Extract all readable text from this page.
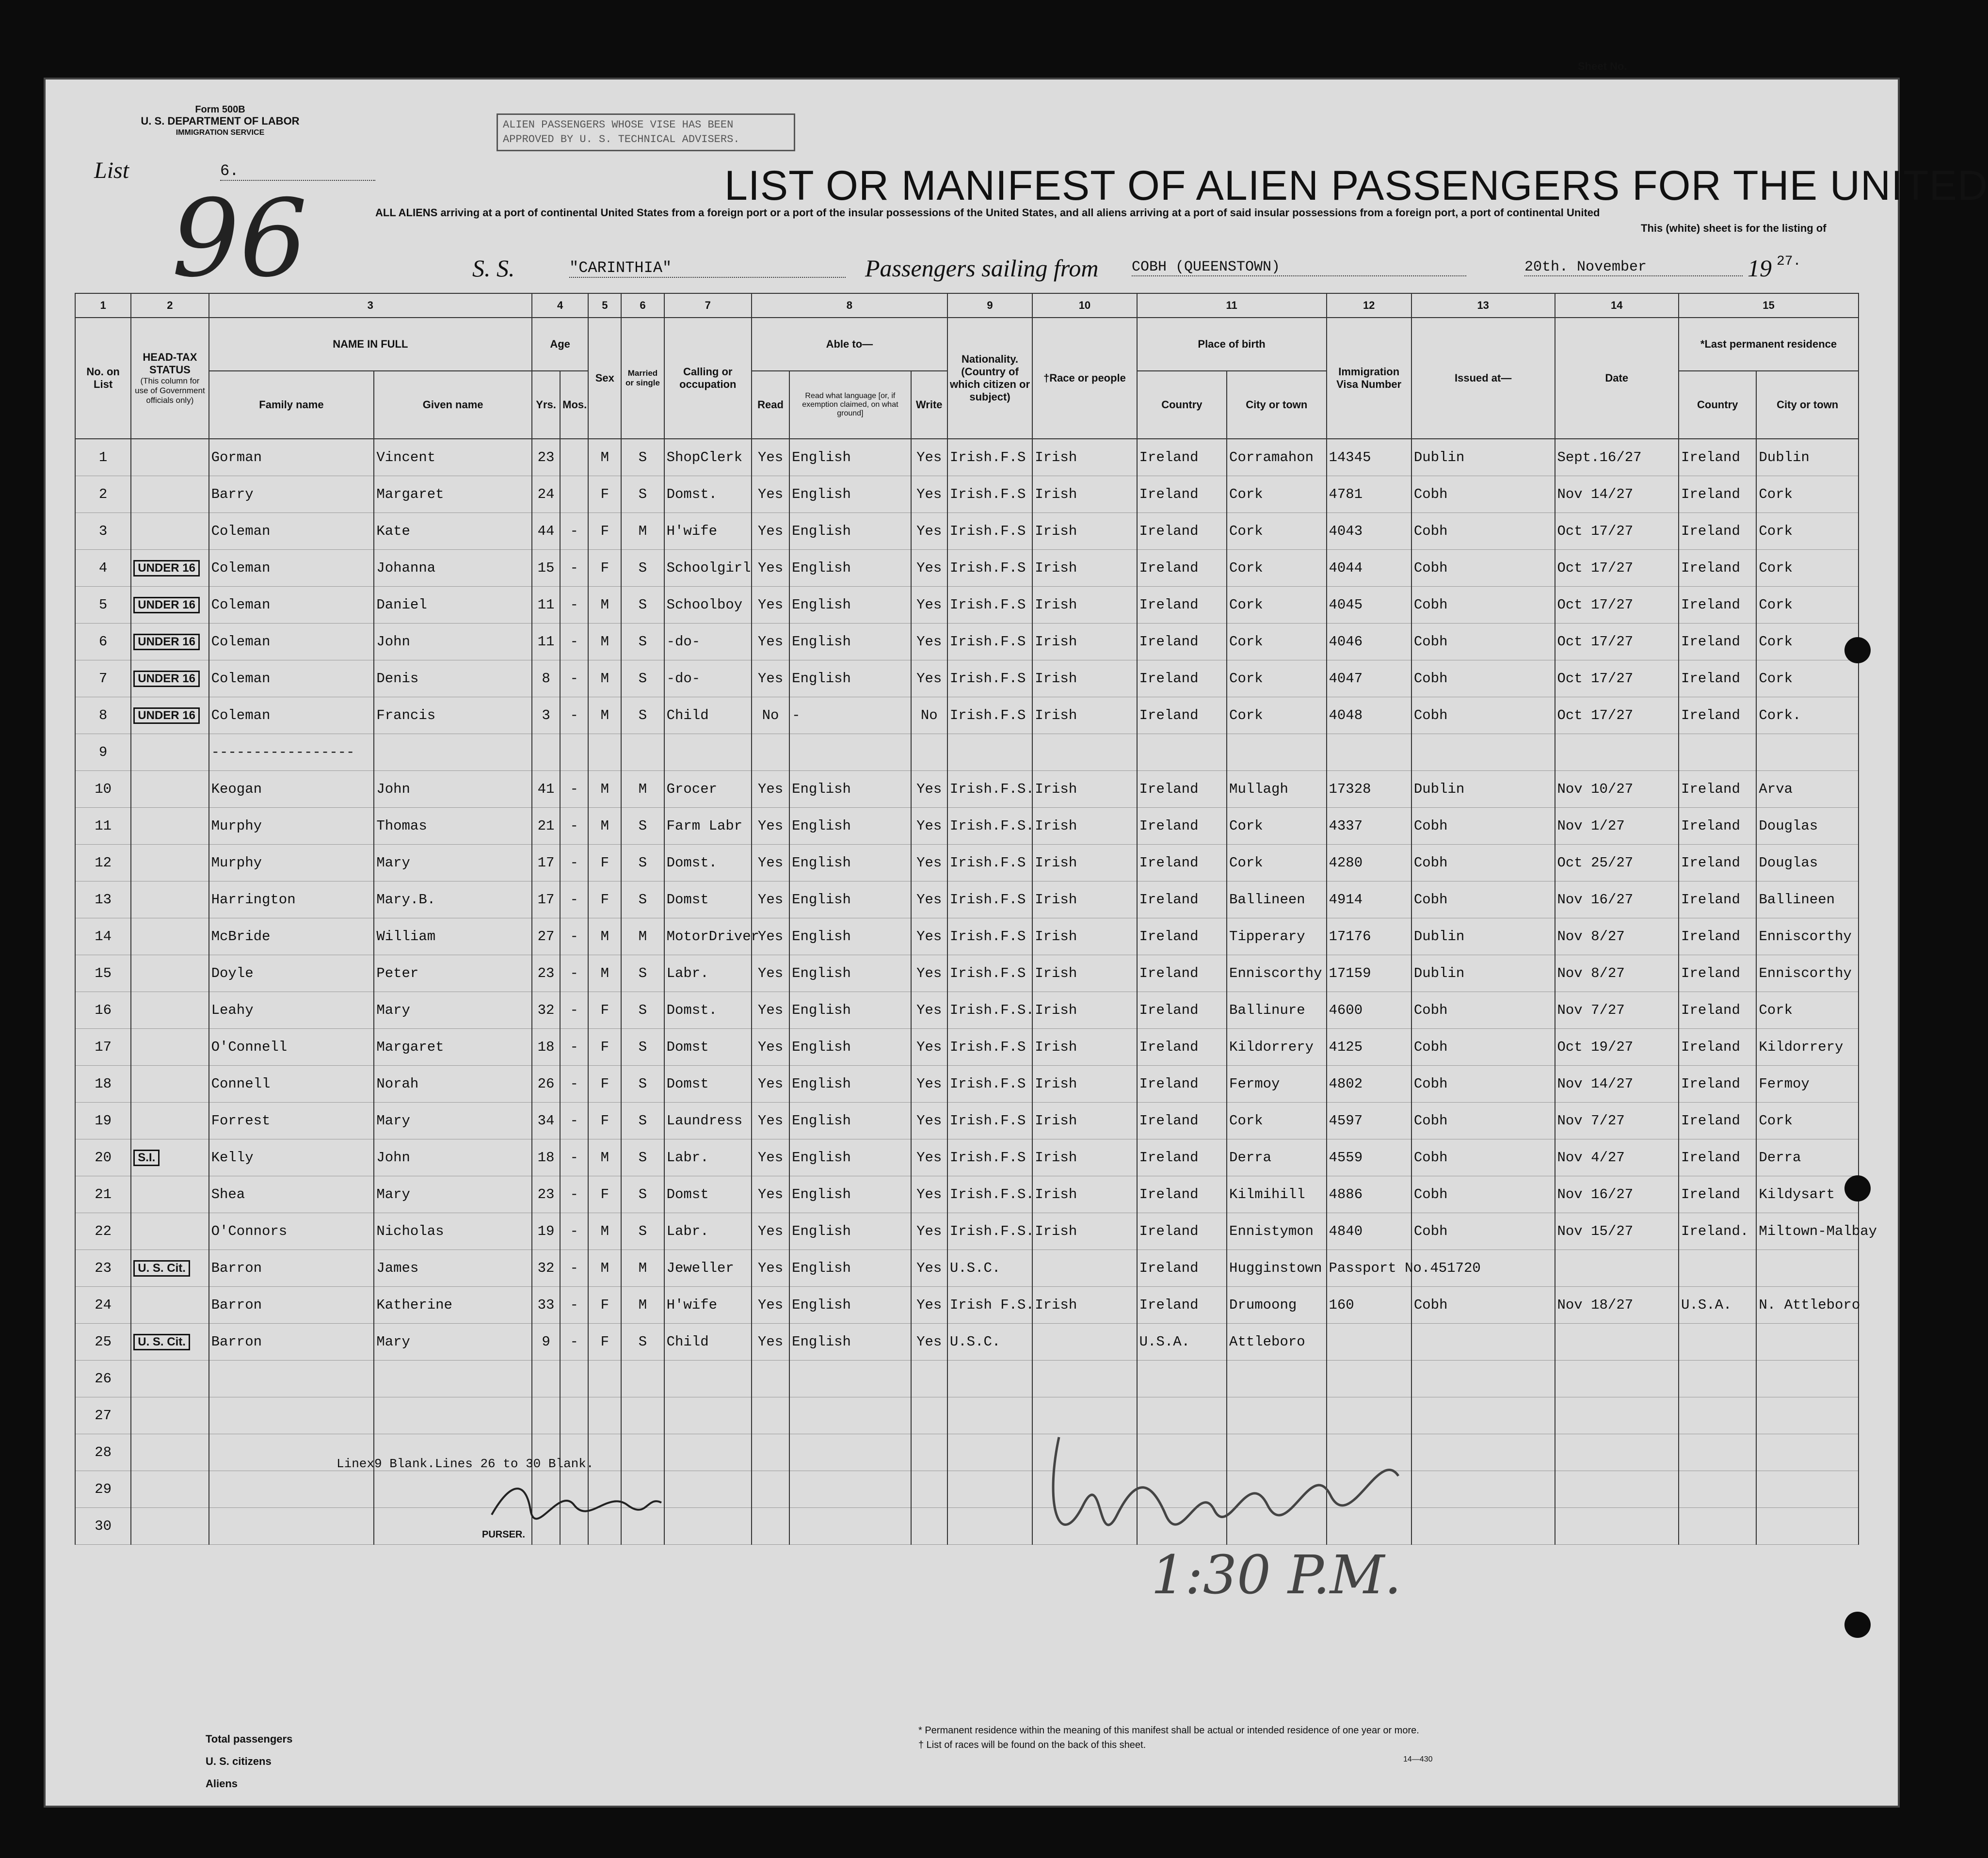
Sheet No.
Form 500B
U. S. DEPARTMENT OF LABOR
IMMIGRATION SERVICE
ALIEN PASSENGERS WHOSE VISE HAS BEEN APPROVED BY U. S. TECHNICAL ADVISERS.
List	6.
96	LIST OR MANIFEST OF ALIEN PASSENGERS FOR THE UNITED
ALL ALIENS arriving at a port of continental United States from a foreign port or a port of the insular possessions of the United States, and all aliens arriving at a port of said insular possessions from a foreign port, a port of continental United
This (white) sheet is for the listing of
S. S.	"CARINTHIA"	Passengers sailing from COBH (QUEENSTOWN)	20th. November	19 27.
1	2	3		4		5	6	7	8			9	10	11		12	13	14	15	
No. on List	HEAD-TAX STATUS
(This column for use of Government officials only)	NAME IN FULL		Age		Sex	Married or single	Calling or occupation	Able to—			Nationality. (Country of which citizen or subject)	†Race or people	Place of birth		Immigration Visa Number	Issued at—	Date	*Last permanent residence	
		Family name	Given name	Yrs.	Mos.				Read	Read what language [or, if exemption claimed, on what ground]	Write			Country	City or town				Country	City or town
1		Gorman	Vincent	23		M	S	ShopClerk	Yes	English	Yes	Irish.F.S	Irish	Ireland	Corramahon	14345	Dublin	Sept.16/27	Ireland	Dublin
2		Barry	Margaret	24		F	S	Domst.	Yes	English	Yes	Irish.F.S	Irish	Ireland	Cork	4781	Cobh	Nov 14/27	Ireland	Cork
3		Coleman	Kate	44	-	F	M	H'wife	Yes	English	Yes	Irish.F.S	Irish	Ireland	Cork	4043	Cobh	Oct 17/27	Ireland	Cork
4	UNDER 16	Coleman	Johanna	15	-	F	S	Schoolgirl	Yes	English	Yes	Irish.F.S	Irish	Ireland	Cork	4044	Cobh	Oct 17/27	Ireland	Cork
5	UNDER 16	Coleman	Daniel	11	-	M	S	Schoolboy	Yes	English	Yes	Irish.F.S	Irish	Ireland	Cork	4045	Cobh	Oct 17/27	Ireland	Cork
6	UNDER 16	Coleman	John	11	-	M	S	-do-	Yes	English	Yes	Irish.F.S	Irish	Ireland	Cork	4046	Cobh	Oct 17/27	Ireland	Cork
7	UNDER 16	Coleman	Denis	8	-	M	S	-do-	Yes	English	Yes	Irish.F.S	Irish	Ireland	Cork	4047	Cobh	Oct 17/27	Ireland	Cork
8	UNDER 16	Coleman	Francis	3	-	M	S	Child	No	-	No	Irish.F.S	Irish	Ireland	Cork	4048	Cobh	Oct 17/27	Ireland	Cork.
9		-----------------																		
10		Keogan	John	41	-	M	M	Grocer	Yes	English	Yes	Irish.F.S.	Irish	Ireland	Mullagh	17328	Dublin	Nov 10/27	Ireland	Arva
11		Murphy	Thomas	21	-	M	S	Farm Labr	Yes	English	Yes	Irish.F.S.	Irish	Ireland	Cork	4337	Cobh	Nov 1/27	Ireland	Douglas
12		Murphy	Mary	17	-	F	S	Domst.	Yes	English	Yes	Irish.F.S	Irish	Ireland	Cork	4280	Cobh	Oct 25/27	Ireland	Douglas
13		Harrington	Mary.B.	17	-	F	S	Domst	Yes	English	Yes	Irish.F.S	Irish	Ireland	Ballineen	4914	Cobh	Nov 16/27	Ireland	Ballineen
14		McBride	William	27	-	M	M	MotorDriver	Yes	English	Yes	Irish.F.S	Irish	Ireland	Tipperary	17176	Dublin	Nov 8/27	Ireland	Enniscorthy
15		Doyle	Peter	23	-	M	S	Labr.	Yes	English	Yes	Irish.F.S	Irish	Ireland	Enniscorthy	17159	Dublin	Nov 8/27	Ireland	Enniscorthy
16		Leahy	Mary	32	-	F	S	Domst.	Yes	English	Yes	Irish.F.S.	Irish	Ireland	Ballinure	4600	Cobh	Nov 7/27	Ireland	Cork
17		O'Connell	Margaret	18	-	F	S	Domst	Yes	English	Yes	Irish.F.S	Irish	Ireland	Kildorrery	4125	Cobh	Oct 19/27	Ireland	Kildorrery
18		Connell	Norah	26	-	F	S	Domst	Yes	English	Yes	Irish.F.S	Irish	Ireland	Fermoy	4802	Cobh	Nov 14/27	Ireland	Fermoy
19		Forrest	Mary	34	-	F	S	Laundress	Yes	English	Yes	Irish.F.S	Irish	Ireland	Cork	4597	Cobh	Nov 7/27	Ireland	Cork
20	S.I.	Kelly	John	18	-	M	S	Labr.	Yes	English	Yes	Irish.F.S	Irish	Ireland	Derra	4559	Cobh	Nov 4/27	Ireland	Derra
21		Shea	Mary	23	-	F	S	Domst	Yes	English	Yes	Irish.F.S.	Irish	Ireland	Kilmihill	4886	Cobh	Nov 16/27	Ireland	Kildysart
22		O'Connors	Nicholas	19	-	M	S	Labr.	Yes	English	Yes	Irish.F.S.	Irish	Ireland	Ennistymon	4840	Cobh	Nov 15/27	Ireland.	Miltown-Malbay
23	U. S. Cit.	Barron	James	32	-	M	M	Jeweller	Yes	English	Yes	U.S.C.		Ireland	Hugginstown	Passport No.451720				
24		Barron	Katherine	33	-	F	M	H'wife	Yes	English	Yes	Irish F.S.	Irish	Ireland	Drumoong	160	Cobh	Nov 18/27	U.S.A.	N. Attleboro
25	U. S. Cit.	Barron	Mary	9	-	F	S	Child	Yes	English	Yes	U.S.C.		U.S.A.	Attleboro					
26																				
27																				
28																				
29																				
30																				
Linex9 Blank.Lines 26 to 30 Blank.
PURSER.
1:30 P.M.
Total passengers
U. S. citizens
Aliens
* Permanent residence within the meaning of this manifest shall be actual or intended residence of one year or more.
† List of races will be found on the back of this sheet.
14—430
